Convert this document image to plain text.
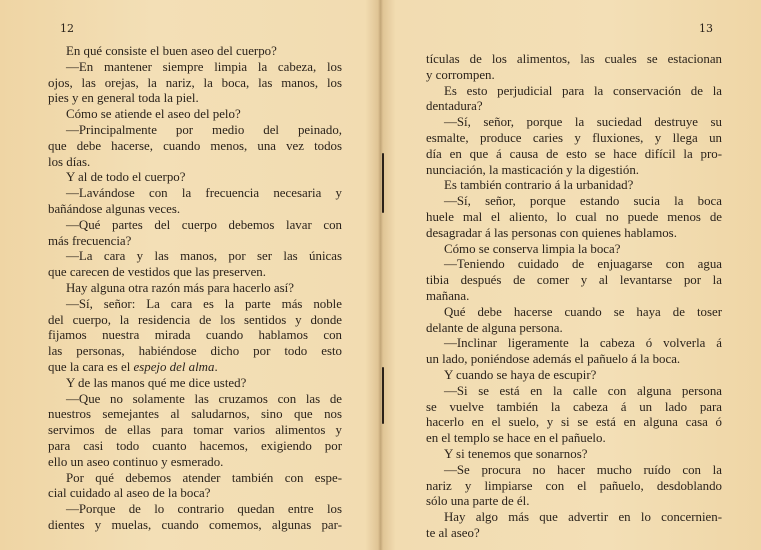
12
En qué consiste el buen aseo del cuerpo?
—En mantener siempre limpia la cabeza, los
ojos, las orejas, la nariz, la boca, las manos, los
pies y en general toda la piel.
Cómo se atiende el aseo del pelo?
—Principalmente por medio del peinado,
que debe hacerse, cuando menos, una vez todos
los días.
Y al de todo el cuerpo?
—Lavándose con la frecuencia necesaria y
bañándose algunas veces.
—Qué partes del cuerpo debemos lavar con
más frecuencia?
—La cara y las manos, por ser las únicas
que carecen de vestidos que las preserven.
Hay alguna otra razón más para hacerlo así?
—Sí, señor: La cara es la parte más noble
del cuerpo, la residencia de los sentidos y donde
fijamos nuestra mirada cuando hablamos con
las personas, habiéndose dicho por todo esto
que la cara es el espejo del alma.
Y de las manos qué me dice usted?
—Que no solamente las cruzamos con las de
nuestros semejantes al saludarnos, sino que nos
servimos de ellas para tomar varios alimentos y
para casi todo cuanto hacemos, exigiendo por
ello un aseo continuo y esmerado.
Por qué debemos atender también con espe-
cial cuidado al aseo de la boca?
—Porque de lo contrario quedan entre los
dientes y muelas, cuando comemos, algunas par-
13
tículas de los alimentos, las cuales se estacionan
y corrompen.
Es esto perjudicial para la conservación de la
dentadura?
—Sí, señor, porque la suciedad destruye su
esmalte, produce caries y fluxiones, y llega un
día en que á causa de esto se hace difícil la pro-
nunciación, la masticación y la digestión.
Es también contrario á la urbanidad?
—Sí, señor, porque estando sucia la boca
huele mal el aliento, lo cual no puede menos de
desagradar á las personas con quienes hablamos.
Cómo se conserva limpia la boca?
—Teniendo cuidado de enjuagarse con agua
tibia después de comer y al levantarse por la
mañana.
Qué debe hacerse cuando se haya de toser
delante de alguna persona.
—Inclinar ligeramente la cabeza ó volverla á
un lado, poniéndose además el pañuelo á la boca.
Y cuando se haya de escupir?
—Si se está en la calle con alguna persona
se vuelve también la cabeza á un lado para
hacerlo en el suelo, y si se está en alguna casa ó
en el templo se hace en el pañuelo.
Y si tenemos que sonarnos?
—Se procura no hacer mucho ruído con la
nariz y limpiarse con el pañuelo, desdoblando
sólo una parte de él.
Hay algo más que advertir en lo concernien-
te al aseo?
